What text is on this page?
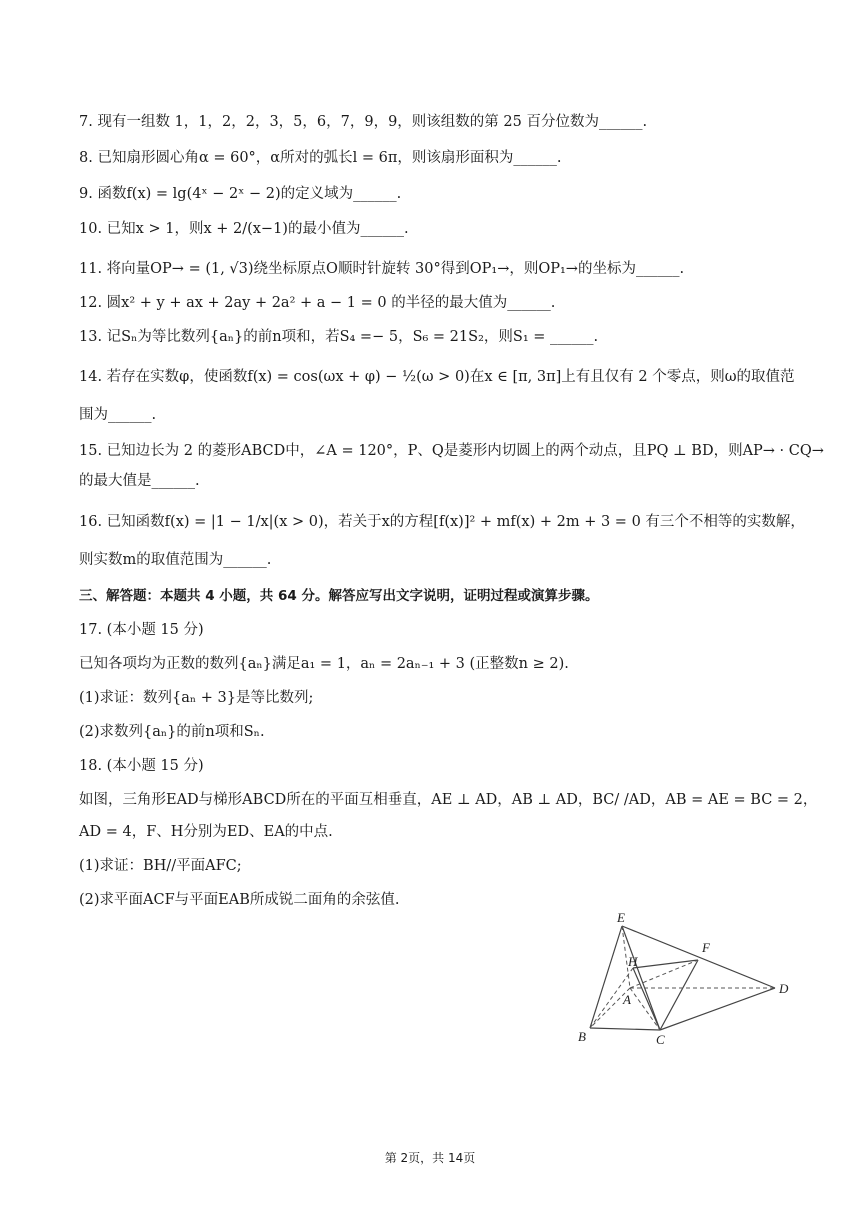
7. 现有一组数 1，1，2，2，3，5，6，7，9，9，则该组数的第 25 百分位数为______.
8. 已知扇形圆心角α = 60°，α所对的弧长l = 6π，则该扇形面积为______.
9. 函数f(x) = lg(4ˣ − 2ˣ − 2)的定义域为______.
10. 已知x > 1，则x + 2/(x−1)的最小值为______.
11. 将向量OP→ = (1, √3)绕坐标原点O顺时针旋转 30°得到OP₁→，则OP₁→的坐标为______.
12. 圆x² + y + ax + 2ay + 2a² + a − 1 = 0 的半径的最大值为______.
13. 记Sₙ为等比数列{aₙ}的前n项和，若S₄ =− 5，S₆ = 21S₂，则S₁ = ______.
14. 若存在实数φ，使函数f(x) = cos(ωx + φ) − ½(ω > 0)在x ∈ [π, 3π]上有且仅有 2 个零点，则ω的取值范
围为______.
15. 已知边长为 2 的菱形ABCD中，∠A = 120°，P、Q是菱形内切圆上的两个动点，且PQ ⊥ BD，则AP→ · CQ→
的最大值是______.
16. 已知函数f(x) = |1 − 1/x|(x > 0)，若关于x的方程[f(x)]² + mf(x) + 2m + 3 = 0 有三个不相等的实数解，
则实数m的取值范围为______.
三、解答题：本题共 4 小题，共 64 分。解答应写出文字说明，证明过程或演算步骤。
17. (本小题 15 分)
已知各项均为正数的数列{aₙ}满足a₁ = 1，aₙ = 2aₙ₋₁ + 3 (正整数n ≥ 2).
(1)求证：数列{aₙ + 3}是等比数列;
(2)求数列{aₙ}的前n项和Sₙ.
18. (本小题 15 分)
如图，三角形EAD与梯形ABCD所在的平面互相垂直，AE ⊥ AD，AB ⊥ AD，BC/ /AD，AB = AE = BC = 2，
AD = 4，F、H分别为ED、EA的中点.
(1)求证：BH//平面AFC;
(2)求平面ACF与平面EAB所成锐二面角的余弦值.
E
F
H
A
D
B	C
第 2页，共 14页
